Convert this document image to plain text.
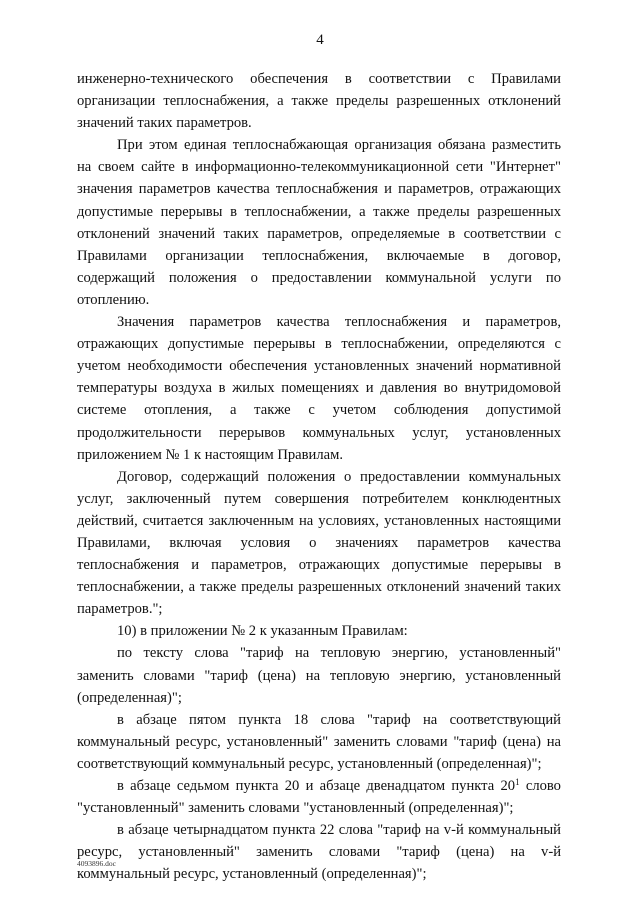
4

инженерно-технического обеспечения в соответствии с Правилами организации теплоснабжения, а также пределы разрешенных отклонений значений таких параметров.

При этом единая теплоснабжающая организация обязана разместить на своем сайте в информационно-телекоммуникационной сети "Интернет" значения параметров качества теплоснабжения и параметров, отражающих допустимые перерывы в теплоснабжении, а также пределы разрешенных отклонений значений таких параметров, определяемые в соответствии с Правилами организации теплоснабжения, включаемые в договор, содержащий положения о предоставлении коммунальной услуги по отоплению.

Значения параметров качества теплоснабжения и параметров, отражающих допустимые перерывы в теплоснабжении, определяются с учетом необходимости обеспечения установленных значений нормативной температуры воздуха в жилых помещениях и давления во внутридомовой системе отопления, а также с учетом соблюдения допустимой продолжительности перерывов коммунальных услуг, установленных приложением № 1 к настоящим Правилам.

Договор, содержащий положения о предоставлении коммунальных услуг, заключенный путем совершения потребителем конклюдентных действий, считается заключенным на условиях, установленных настоящими Правилами, включая условия о значениях параметров качества теплоснабжения и параметров, отражающих допустимые перерывы в теплоснабжении, а также пределы разрешенных отклонений значений таких параметров.";

10) в приложении № 2 к указанным Правилам:

по тексту слова "тариф на тепловую энергию, установленный" заменить словами "тариф (цена) на тепловую энергию, установленный (определенная)";

в абзаце пятом пункта 18 слова "тариф на соответствующий коммунальный ресурс, установленный" заменить словами "тариф (цена) на соответствующий коммунальный ресурс, установленный (определенная)";

в абзаце седьмом пункта 20 и абзаце двенадцатом пункта $20^1$ слово "установленный" заменить словами "установленный (определенная)";

в абзаце четырнадцатом пункта 22 слова "тариф на v-й коммунальный ресурс, установленный" заменить словами "тариф (цена) на v-й коммунальный ресурс, установленный (определенная)";

4093896.doc
